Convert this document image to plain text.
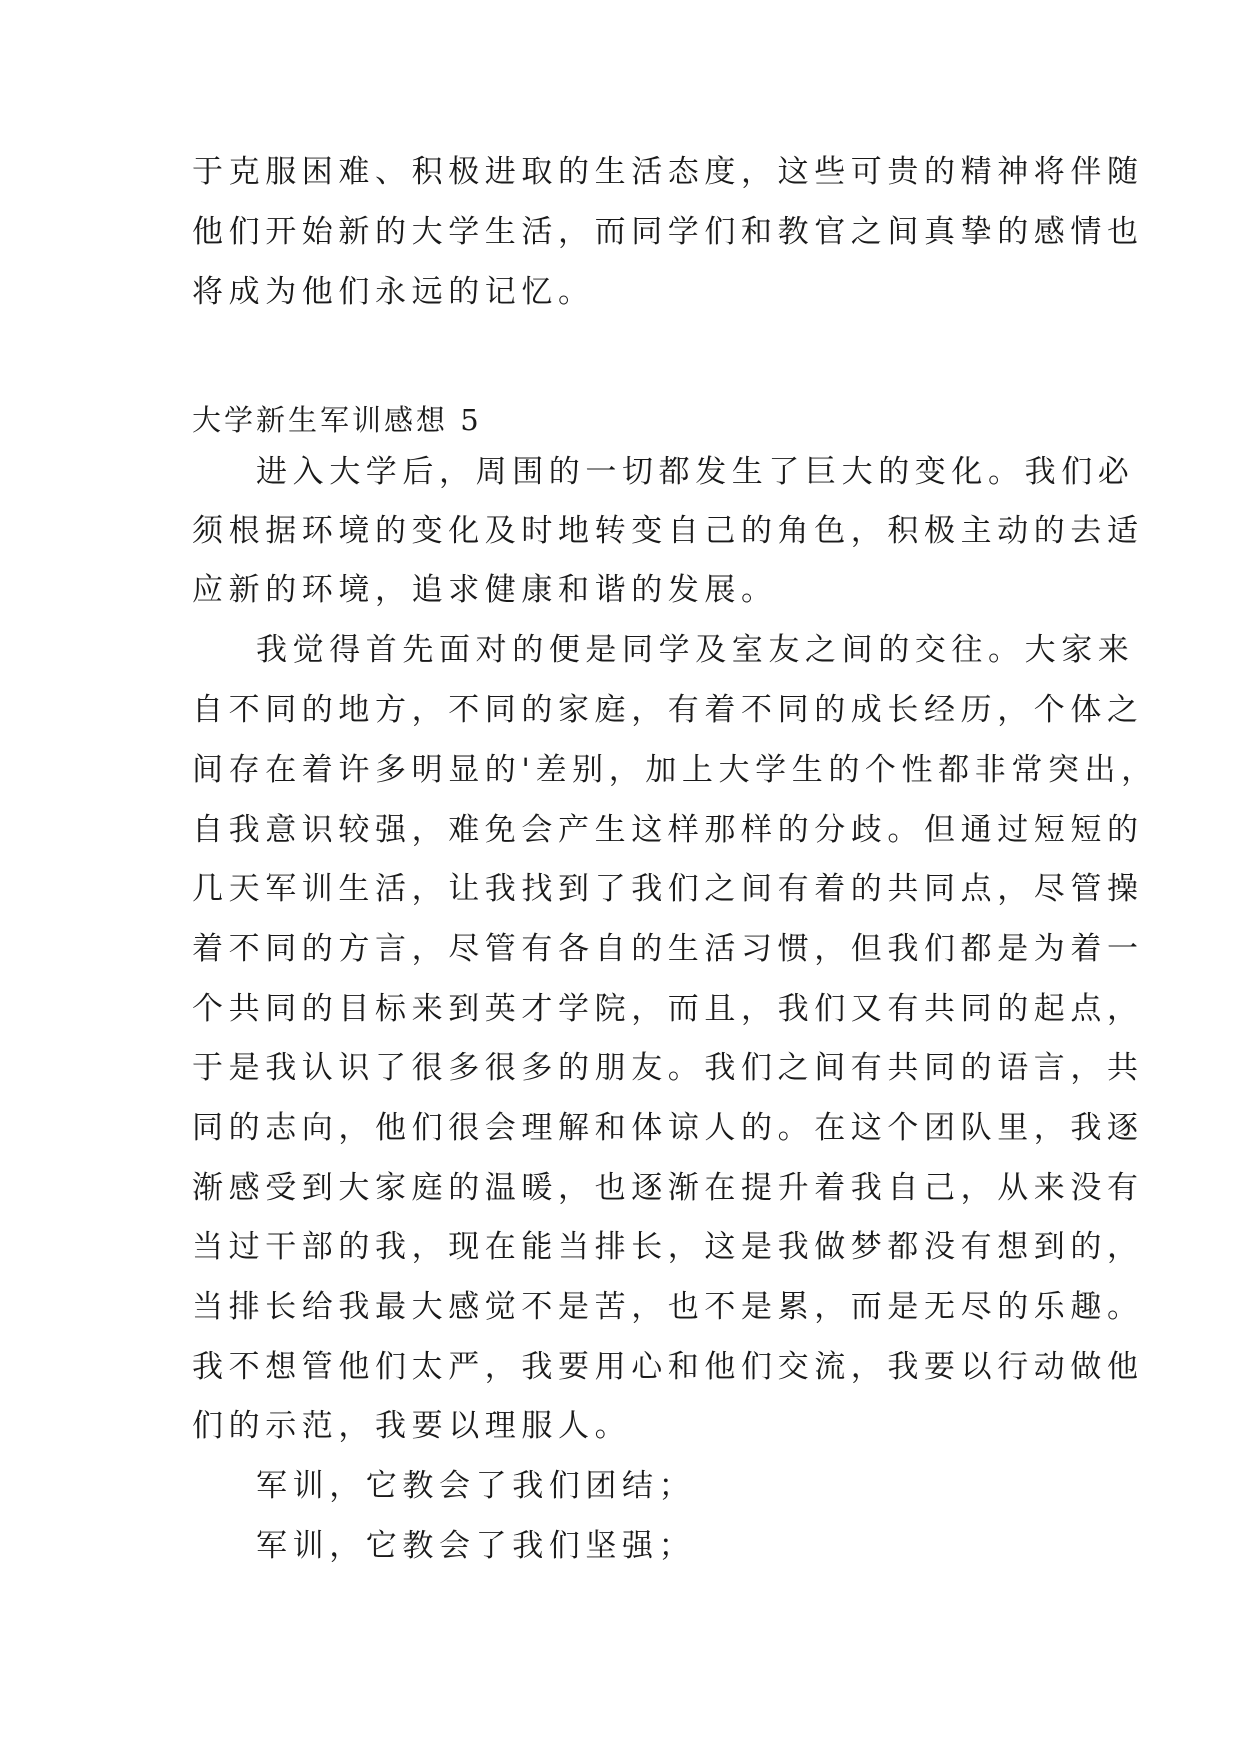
于克服困难、积极进取的生活态度，这些可贵的精神将伴随
他们开始新的大学生活，而同学们和教官之间真挚的感情也
将成为他们永远的记忆。
大学新生军训感想 5
进入大学后，周围的一切都发生了巨大的变化。我们必
须根据环境的变化及时地转变自己的角色，积极主动的去适
应新的环境，追求健康和谐的发展。
我觉得首先面对的便是同学及室友之间的交往。大家来
自不同的地方，不同的家庭，有着不同的成长经历，个体之
间存在着许多明显的'差别，加上大学生的个性都非常突出，
自我意识较强，难免会产生这样那样的分歧。但通过短短的
几天军训生活，让我找到了我们之间有着的共同点，尽管操
着不同的方言，尽管有各自的生活习惯，但我们都是为着一
个共同的目标来到英才学院，而且，我们又有共同的起点，
于是我认识了很多很多的朋友。我们之间有共同的语言，共
同的志向，他们很会理解和体谅人的。在这个团队里，我逐
渐感受到大家庭的温暖，也逐渐在提升着我自己，从来没有
当过干部的我，现在能当排长，这是我做梦都没有想到的，
当排长给我最大感觉不是苦，也不是累，而是无尽的乐趣。
我不想管他们太严，我要用心和他们交流，我要以行动做他
们的示范，我要以理服人。
军训，它教会了我们团结；
军训，它教会了我们坚强；
